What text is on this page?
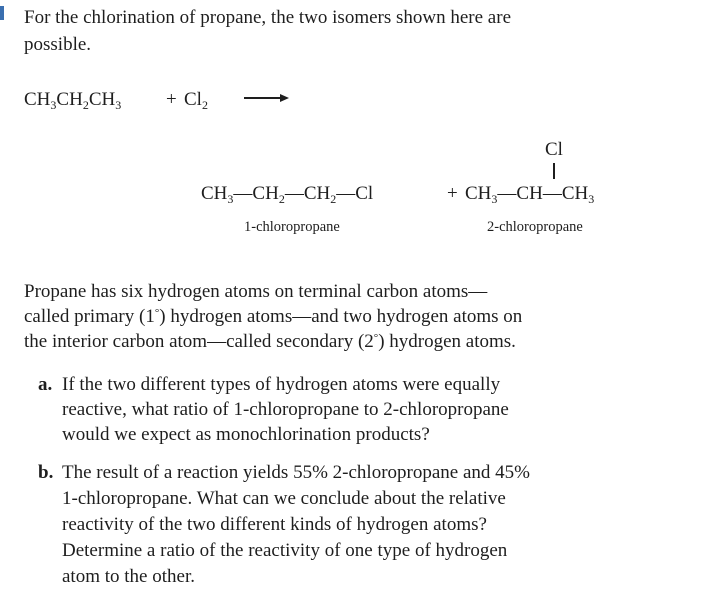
For the chlorination of propane, the two isomers shown here are
possible.
$CH_3CH_2CH_3 + Cl_2$
Cl
$CH_3—CH_2—CH_2—Cl$	+ $CH_3—CH—CH_3$
1-chloropropane	2-chloropropane
Propane has six hydrogen atoms on terminal carbon atoms—
called primary (1°) hydrogen atoms—and two hydrogen atoms on
the interior carbon atom—called secondary (2°) hydrogen atoms.
a. If the two different types of hydrogen atoms were equally
reactive, what ratio of 1-chloropropane to 2-chloropropane
would we expect as monochlorination products?
b. The result of a reaction yields 55% 2-chloropropane and 45%
1-chloropropane. What can we conclude about the relative
reactivity of the two different kinds of hydrogen atoms?
Determine a ratio of the reactivity of one type of hydrogen
atom to the other.
